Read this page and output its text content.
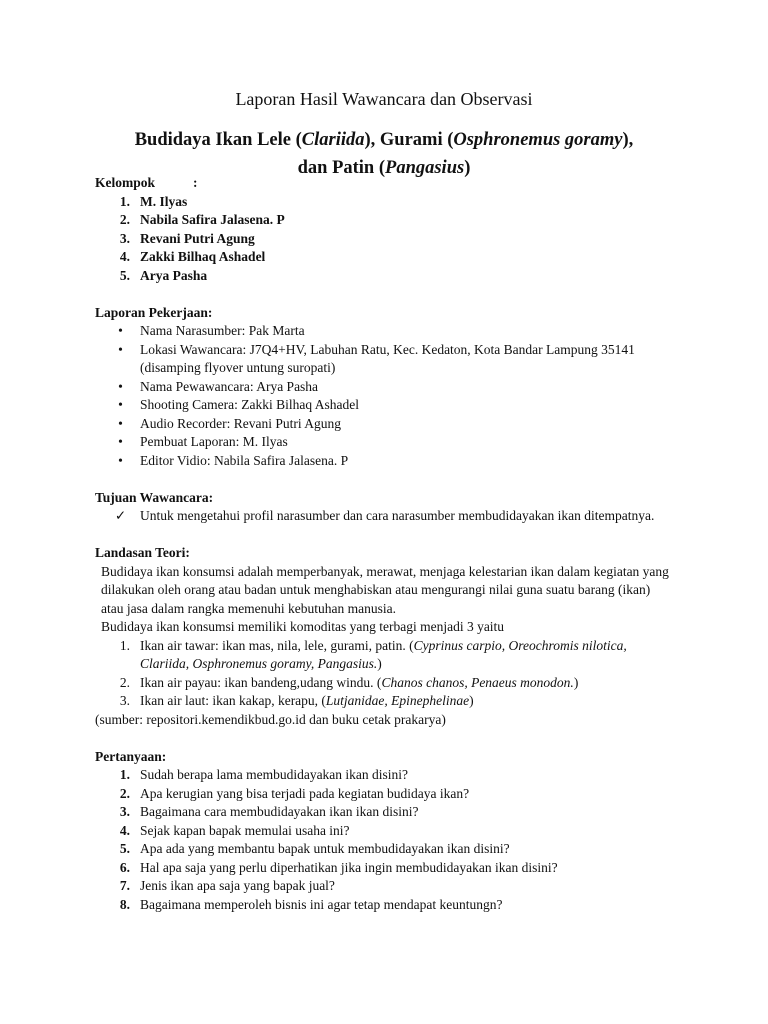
Laporan Hasil Wawancara dan Observasi
Budidaya Ikan Lele (Clariida), Gurami (Osphronemus goramy),
dan Patin (Pangasius)
Kelompok	:
1. M. Ilyas
2. Nabila Safira Jalasena. P
3. Revani Putri Agung
4. Zakki Bilhaq Ashadel
5. Arya Pasha
Laporan Pekerjaan:
•	Nama Narasumber: Pak Marta
•	Lokasi Wawancara: J7Q4+HV, Labuhan Ratu, Kec. Kedaton, Kota Bandar Lampung 35141 (disamping flyover untung suropati)
•	Nama Pewawancara: Arya Pasha
•	Shooting Camera: Zakki Bilhaq Ashadel
•	Audio Recorder: Revani Putri Agung
•	Pembuat Laporan: M. Ilyas
•	Editor Vidio: Nabila Safira Jalasena. P
Tujuan Wawancara:
✓	Untuk mengetahui profil narasumber dan cara narasumber membudidayakan ikan ditempatnya.
Landasan Teori:
Budidaya ikan konsumsi adalah memperbanyak, merawat, menjaga kelestarian ikan dalam kegiatan yang dilakukan oleh orang atau badan untuk menghabiskan atau mengurangi nilai guna suatu barang (ikan) atau jasa dalam rangka memenuhi kebutuhan manusia.
Budidaya ikan konsumsi memiliki komoditas yang terbagi menjadi 3 yaitu
1. Ikan air tawar: ikan mas, nila, lele, gurami, patin. (Cyprinus carpio, Oreochromis nilotica, Clariida, Osphronemus goramy, Pangasius.)
2. Ikan air payau: ikan bandeng,udang windu. (Chanos chanos, Penaeus monodon.)
3. Ikan air laut: ikan kakap, kerapu, (Lutjanidae, Epinephelinae)
(sumber: repositori.kemendikbud.go.id dan buku cetak prakarya)
Pertanyaan:
1. Sudah berapa lama membudidayakan ikan disini?
2. Apa kerugian yang bisa terjadi pada kegiatan budidaya ikan?
3. Bagaimana cara membudidayakan ikan ikan disini?
4. Sejak kapan bapak memulai usaha ini?
5. Apa ada yang membantu bapak untuk membudidayakan ikan disini?
6. Hal apa saja yang perlu diperhatikan jika ingin membudidayakan ikan disini?
7. Jenis ikan apa saja yang bapak jual?
8. Bagaimana memperoleh bisnis ini agar tetap mendapat keuntungn?
